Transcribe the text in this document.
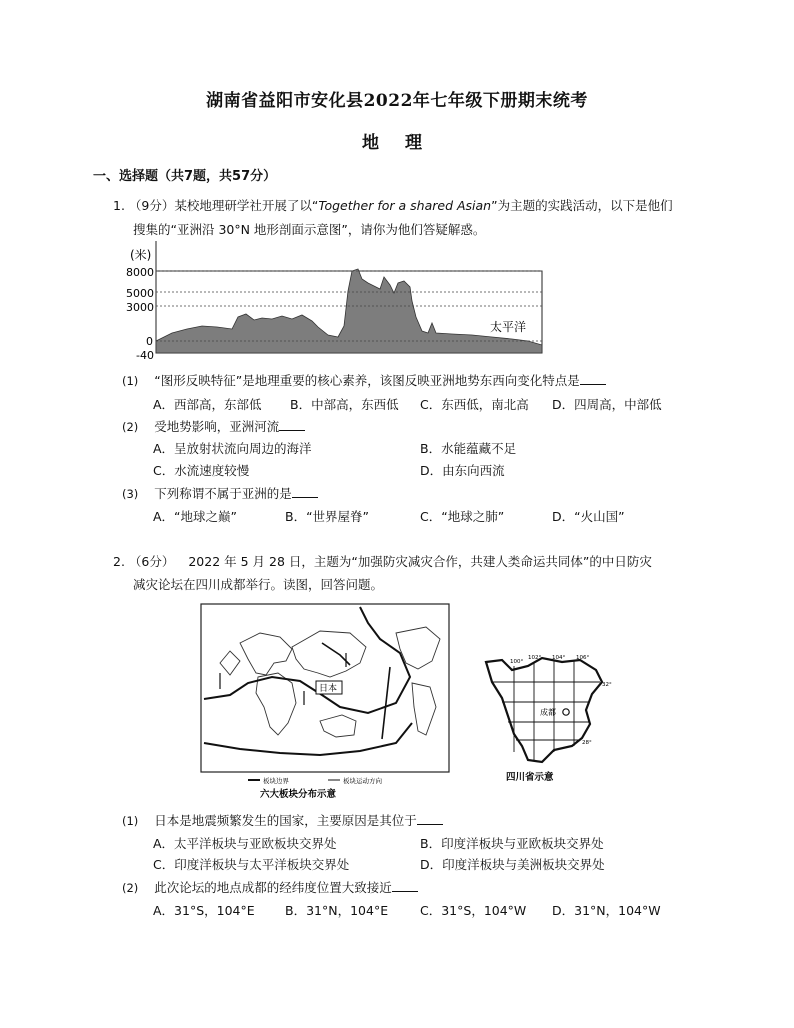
湖南省益阳市安化县2022年七年级下册期末统考
地 理
一、选择题（共7题，共57分）
1. （9分）某校地理研学社开展了以“Together for a shared Asian”为主题的实践活动，以下是他们
搜集的“亚洲沿 30°N 地形剖面示意图”，请你为他们答疑解惑。
(米)
8000
5000
3000
0
-40
太平洋
(1) “图形反映特征”是地理重要的核心素养，该图反映亚洲地势东西向变化特点是
A．西部高，东部低 B．中部高，东西低 C．东西低，南北高 D．四周高，中部低
(2) 受地势影响，亚洲河流
A．呈放射状流向周边的海洋	B．水能蕴藏不足
C．水流速度较慢	D．由东向西流
(3) 下列称谓不属于亚洲的是
A．“地球之巅”	B．“世界屋脊”	C．“地球之肺”	D．“火山国”
2. （6分） 2022 年 5 月 28 日，主题为“加强防灾减灾合作，共建人类命运共同体”的中日防灾
减灾论坛在四川成都举行。读图，回答问题。
日本
板块边界	板块运动方向
六大板块分布示意
成都
100°
102° 104° 106°
32°
28°
四川省示意
(1) 日本是地震频繁发生的国家，主要原因是其位于
A．太平洋板块与亚欧板块交界处	B．印度洋板块与亚欧板块交界处
C．印度洋板块与太平洋板块交界处	D．印度洋板块与美洲板块交界处
(2) 此次论坛的地点成都的经纬度位置大致接近
A．31°S，104°E B．31°N，104°E	C．31°S，104°W D．31°N，104°W
